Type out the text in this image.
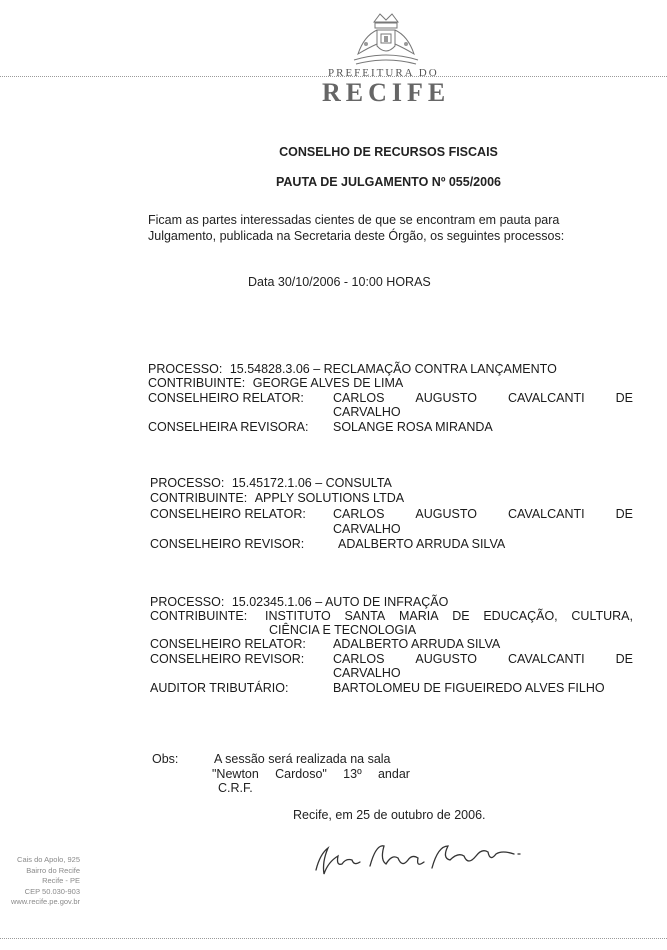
PREFEITURA DO
RECIFE
CONSELHO DE RECURSOS FISCAIS
PAUTA DE JULGAMENTO Nº 055/2006
Ficam as partes interessadas cientes de que se encontram em pauta para
Julgamento, publicada na Secretaria deste Órgão, os seguintes processos:
Data 30/10/2006 - 10:00 HORAS
PROCESSO: 15.54828.3.06 – RECLAMAÇÃO CONTRA LANÇAMENTO
CONTRIBUINTE: GEORGE ALVES DE LIMA
CONSELHEIRO RELATOR: CARLOS AUGUSTO CAVALCANTI DE
CARVALHO
CONSELHEIRA REVISORA: SOLANGE ROSA MIRANDA
PROCESSO: 15.45172.1.06 – CONSULTA
CONTRIBUINTE: APPLY SOLUTIONS LTDA
CONSELHEIRO RELATOR: CARLOS AUGUSTO CAVALCANTI DE
CARVALHO
CONSELHEIRO REVISOR:	ADALBERTO ARRUDA SILVA
PROCESSO: 15.02345.1.06 – AUTO DE INFRAÇÃO
CONTRIBUINTE: INSTITUTO SANTA MARIA DE EDUCAÇÃO, CULTURA,
CIÊNCIA E TECNOLOGIA
CONSELHEIRO RELATOR: ADALBERTO ARRUDA SILVA
CONSELHEIRO REVISOR: CARLOS AUGUSTO CAVALCANTI DE
CARVALHO
AUDITOR TRIBUTÁRIO:	BARTOLOMEU DE FIGUEIREDO ALVES FILHO
Obs:	A sessão será realizada na sala
"Newton Cardoso" 13º andar
C.R.F.
Recife, em 25 de outubro de 2006.
Cais do Apolo, 925
Bairro do Recife
Recife - PE
CEP 50.030-903
www.recife.pe.gov.br
